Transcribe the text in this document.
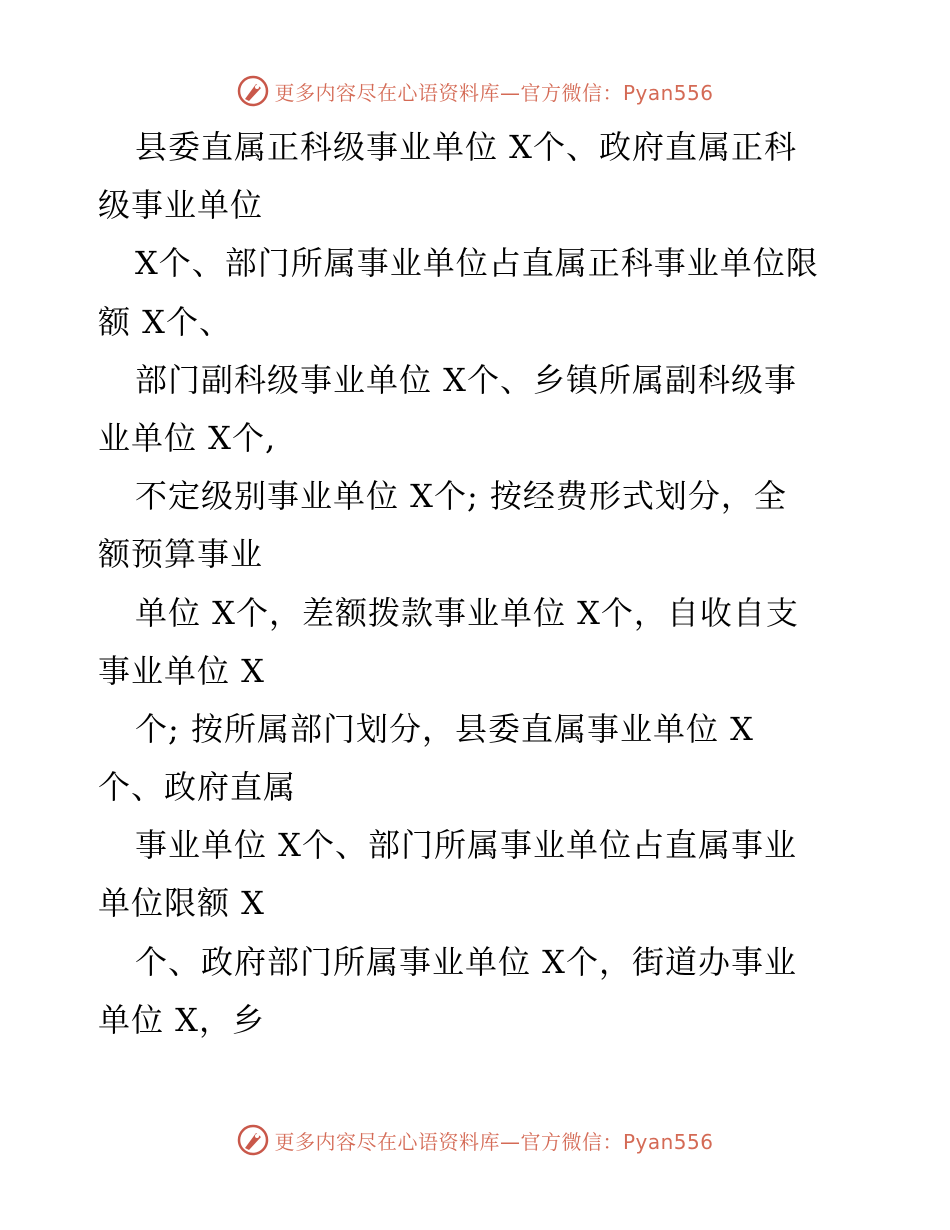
更多内容尽在心语资料库—官方微信：Pyan556
县委直属正科级事业单位 X个、政府直属正科
级事业单位
X个、部门所属事业单位占直属正科事业单位限
额 X个、
部门副科级事业单位 X个、乡镇所属副科级事
业单位 X个,
不定级别事业单位 X个; 按经费形式划分，全
额预算事业
单位 X个，差额拨款事业单位 X个，自收自支
事业单位 X
个; 按所属部门划分，县委直属事业单位 X
个、政府直属
事业单位 X个、部门所属事业单位占直属事业
单位限额 X
个、政府部门所属事业单位 X个，街道办事业
单位 X，乡
更多内容尽在心语资料库—官方微信：Pyan556
